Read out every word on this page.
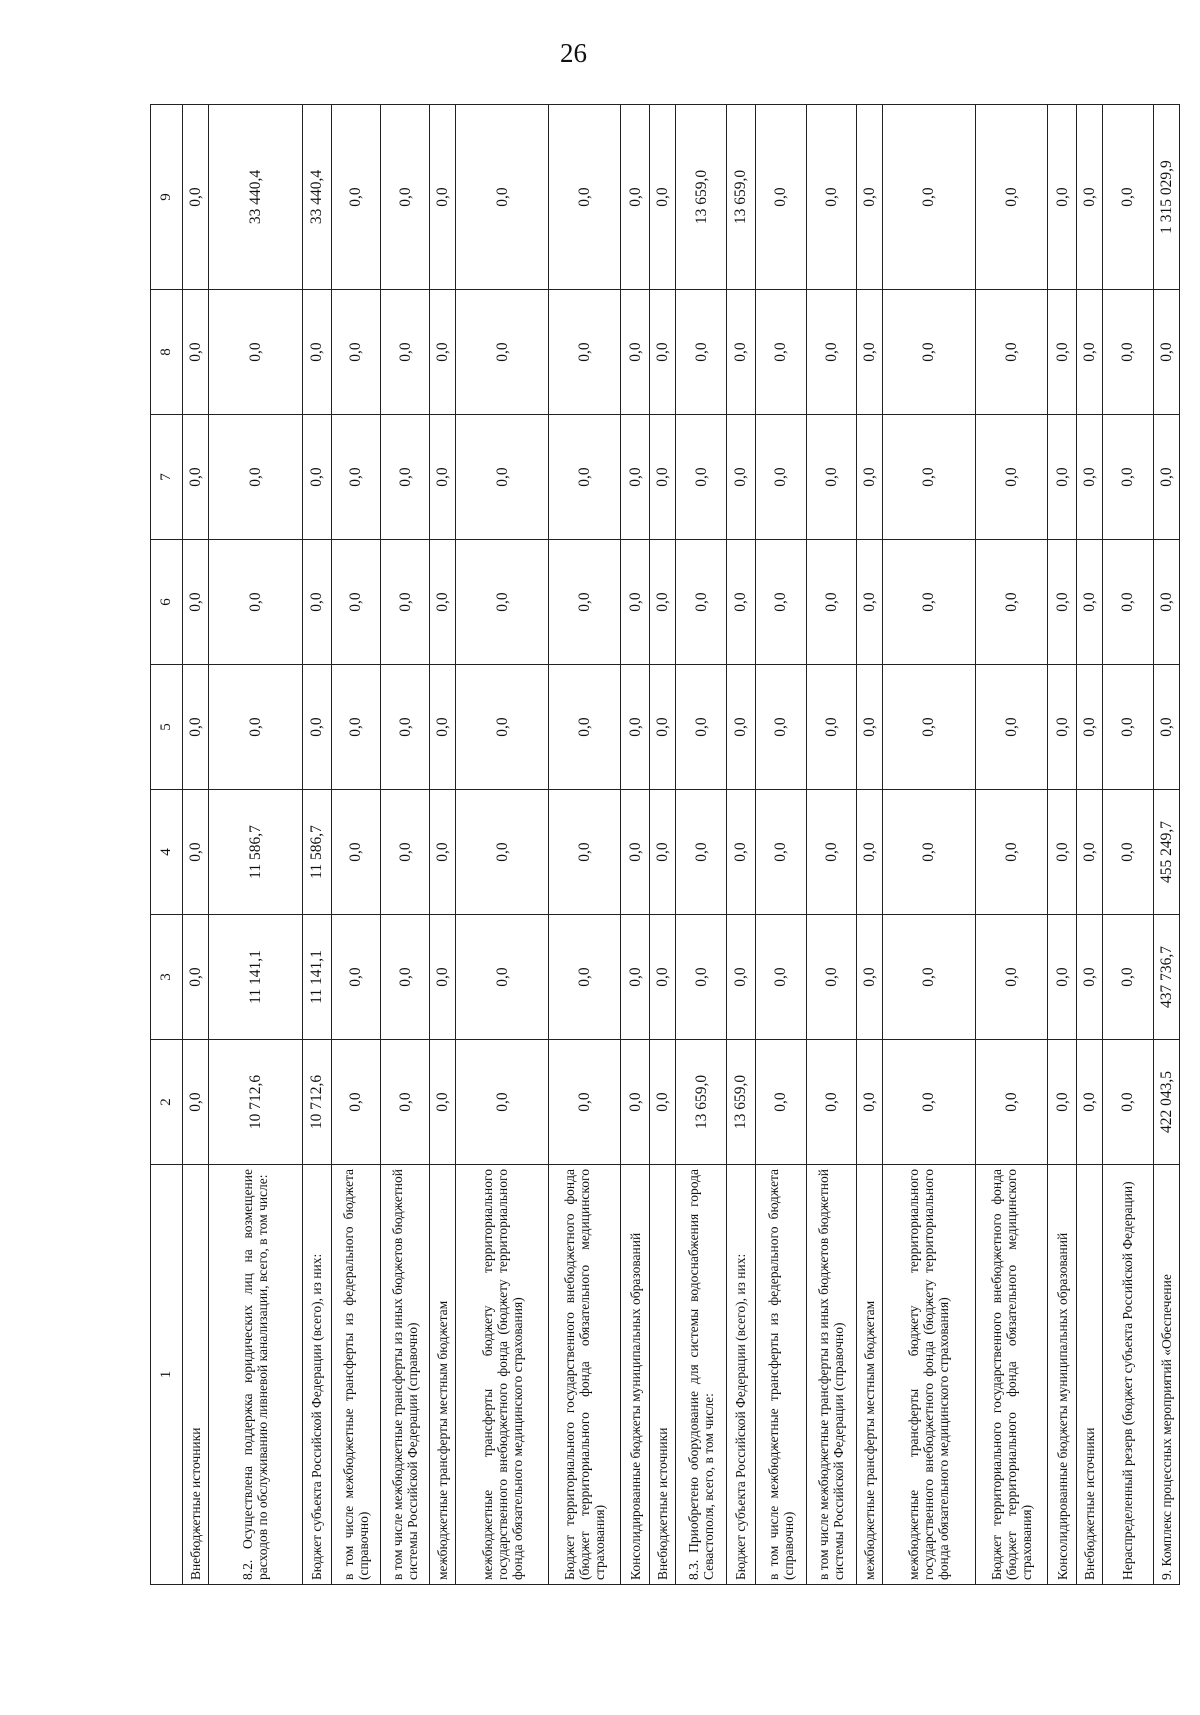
26
1	2	3	4	5	6	7	8	9
Внебюджетные источники	0,0	0,0	0,0	0,0	0,0	0,0	0,0	0,0
8.2. Осуществлена поддержка юридических лиц на возмещение расходов по обслуживанию ливневой канализации, всего, в том числе:	10 712,6	11 141,1	11 586,7	0,0	0,0	0,0	0,0	33 440,4
Бюджет субъекта Российской Федерации (всего), из них:	10 712,6	11 141,1	11 586,7	0,0	0,0	0,0	0,0	33 440,4
в том числе межбюджетные трансферты из федерального бюджета (справочно)	0,0	0,0	0,0	0,0	0,0	0,0	0,0	0,0
в том числе межбюджетные трансферты из иных бюджетов бюджетной системы Российской Федерации (справочно)	0,0	0,0	0,0	0,0	0,0	0,0	0,0	0,0
межбюджетные трансферты местным бюджетам	0,0	0,0	0,0	0,0	0,0	0,0	0,0	0,0
межбюджетные трансферты бюджету территориального государственного внебюджетного фонда (бюджету территориального фонда обязательного медицинского страхования)	0,0	0,0	0,0	0,0	0,0	0,0	0,0	0,0
Бюджет территориального государственного внебюджетного фонда (бюджет территориального фонда обязательного медицинского страхования)	0,0	0,0	0,0	0,0	0,0	0,0	0,0	0,0
Консолидированные бюджеты муниципальных образований	0,0	0,0	0,0	0,0	0,0	0,0	0,0	0,0
Внебюджетные источники	0,0	0,0	0,0	0,0	0,0	0,0	0,0	0,0
8.3. Приобретено оборудование для системы водоснабжения города Севастополя, всего, в том числе:	13 659,0	0,0	0,0	0,0	0,0	0,0	0,0	13 659,0
Бюджет субъекта Российской Федерации (всего), из них:	13 659,0	0,0	0,0	0,0	0,0	0,0	0,0	13 659,0
в том числе межбюджетные трансферты из федерального бюджета (справочно)	0,0	0,0	0,0	0,0	0,0	0,0	0,0	0,0
в том числе межбюджетные трансферты из иных бюджетов бюджетной системы Российской Федерации (справочно)	0,0	0,0	0,0	0,0	0,0	0,0	0,0	0,0
межбюджетные трансферты местным бюджетам	0,0	0,0	0,0	0,0	0,0	0,0	0,0	0,0
межбюджетные трансферты бюджету территориального государственного внебюджетного фонда (бюджету территориального фонда обязательного медицинского страхования)	0,0	0,0	0,0	0,0	0,0	0,0	0,0	0,0
Бюджет территориального государственного внебюджетного фонда (бюджет территориального фонда обязательного медицинского страхования)	0,0	0,0	0,0	0,0	0,0	0,0	0,0	0,0
Консолидированные бюджеты муниципальных образований	0,0	0,0	0,0	0,0	0,0	0,0	0,0	0,0
Внебюджетные источники	0,0	0,0	0,0	0,0	0,0	0,0	0,0	0,0
Нераспределенный резерв (бюджет субъекта Российской Федерации)	0,0	0,0	0,0	0,0	0,0	0,0	0,0	0,0
9. Комплекс процессных мероприятий «Обеспечение	422 043,5	437 736,7	455 249,7	0,0	0,0	0,0	0,0	1 315 029,9
